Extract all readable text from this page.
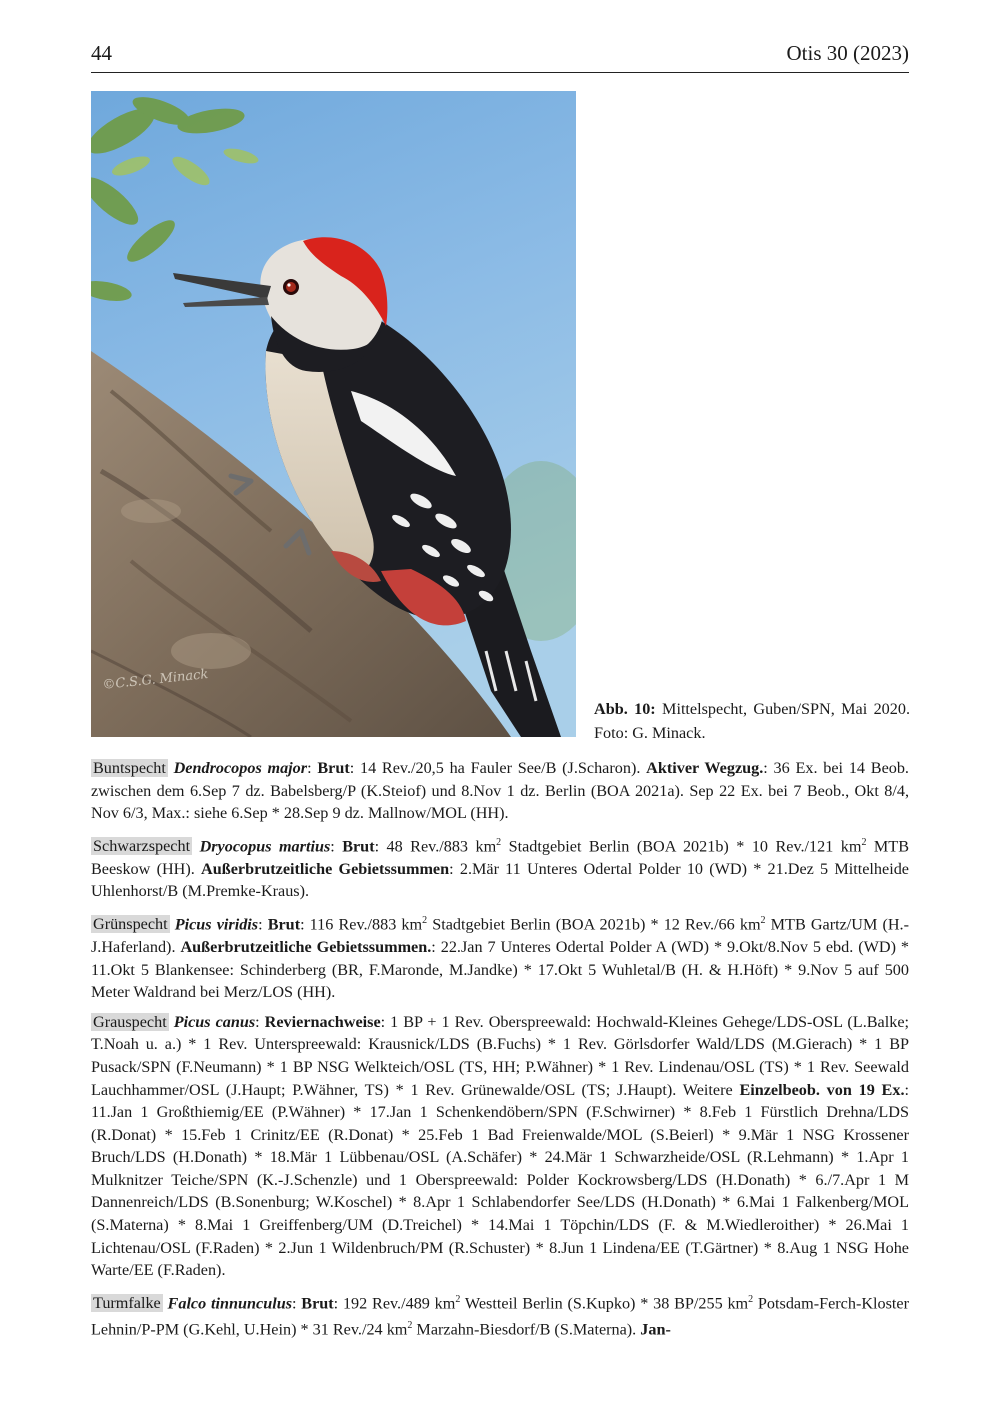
44	Otis 30 (2023)
©C.S.G. Minack
Abb. 10: Mittelspecht, Guben/SPN, Mai 2020. Foto: G. Minack.

Buntspecht Dendrocopos major: Brut: 14 Rev./20,5 ha Fauler See/B (J.Scharon). Aktiver Wegzug.: 36 Ex. bei 14 Beob. zwischen dem 6.Sep 7 dz. Babelsberg/P (K.Steiof) und 8.Nov 1 dz. Berlin (BOA 2021a). Sep 22 Ex. bei 7 Beob., Okt 8/4, Nov 6/3, Max.: siehe 6.Sep * 28.Sep 9 dz. Mallnow/MOL (HH).

Schwarzspecht Dryocopus martius: Brut: 48 Rev./883 $km^2$ Stadtgebiet Berlin (BOA 2021b) * 10 Rev./121 $km^2$ MTB Beeskow (HH). Außerbrutzeitliche Gebietssummen: 2.Mär 11 Unteres Odertal Polder 10 (WD) * 21.Dez 5 Mittelheide Uhlenhorst/B (M.Premke-Kraus).

Grünspecht Picus viridis: Brut: 116 Rev./883 $km^2$ Stadtgebiet Berlin (BOA 2021b) * 12 Rev./66 $km^2$ MTB Gartz/UM (H.-J.Haferland). Außerbrutzeitliche Gebietssummen.: 22.Jan 7 Unteres Odertal Polder A (WD) * 9.Okt/8.Nov 5 ebd. (WD) * 11.Okt 5 Blankensee: Schinderberg (BR, F.Maronde, M.Jandke) * 17.Okt 5 Wuhletal/B (H. & H.Höft) * 9.Nov 5 auf 500 Meter Waldrand bei Merz/LOS (HH).

Grauspecht Picus canus: Reviernachweise: 1 BP + 1 Rev. Oberspreewald: Hochwald-Kleines Gehege/LDS-OSL (L.Balke; T.Noah u. a.) * 1 Rev. Unterspreewald: Krausnick/LDS (B.Fuchs) * 1 Rev. Görlsdorfer Wald/LDS (M.Gierach) * 1 BP Pusack/SPN (F.Neumann) * 1 BP NSG Welkteich/OSL (TS, HH; P.Wähner) * 1 Rev. Lindenau/OSL (TS) * 1 Rev. Seewald Lauchhammer/OSL (J.Haupt; P.Wähner, TS) * 1 Rev. Grünewalde/OSL (TS; J.Haupt). Weitere Einzelbeob. von 19 Ex.: 11.Jan 1 Großthiemig/EE (P.Wähner) * 17.Jan 1 Schenkendöbern/SPN (F.Schwirner) * 8.Feb 1 Fürstlich Drehna/LDS (R.Donat) * 15.Feb 1 Crinitz/EE (R.Donat) * 25.Feb 1 Bad Freienwalde/MOL (S.Beierl) * 9.Mär 1 NSG Krossener Bruch/LDS (H.Donath) * 18.Mär 1 Lübbenau/OSL (A.Schäfer) * 24.Mär 1 Schwarzheide/OSL (R.Lehmann) * 1.Apr 1 Mulknitzer Teiche/SPN (K.-J.Schenzle) und 1 Oberspreewald: Polder Kockrowsberg/LDS (H.Donath) * 6./7.Apr 1 M Dannenreich/LDS (B.Sonenburg; W.Koschel) * 8.Apr 1 Schlabendorfer See/LDS (H.Donath) * 6.Mai 1 Falkenberg/MOL (S.Materna) * 8.Mai 1 Greiffenberg/UM (D.Treichel) * 14.Mai 1 Töpchin/LDS (F. & M.Wiedleroither) * 26.Mai 1 Lichtenau/OSL (F.Raden) * 2.Jun 1 Wildenbruch/PM (R.Schuster) * 8.Jun 1 Lindena/EE (T.Gärtner) * 8.Aug 1 NSG Hohe Warte/EE (F.Raden).

Turmfalke Falco tinnunculus: Brut: 192 Rev./489 $km^2$ Westteil Berlin (S.Kupko) * 38 BP/255 $km^2$ Potsdam-Ferch-Kloster Lehnin/P-PM (G.Kehl, U.Hein) * 31 Rev./24 $km^2$ Marzahn-Biesdorf/B (S.Materna). Jan-
